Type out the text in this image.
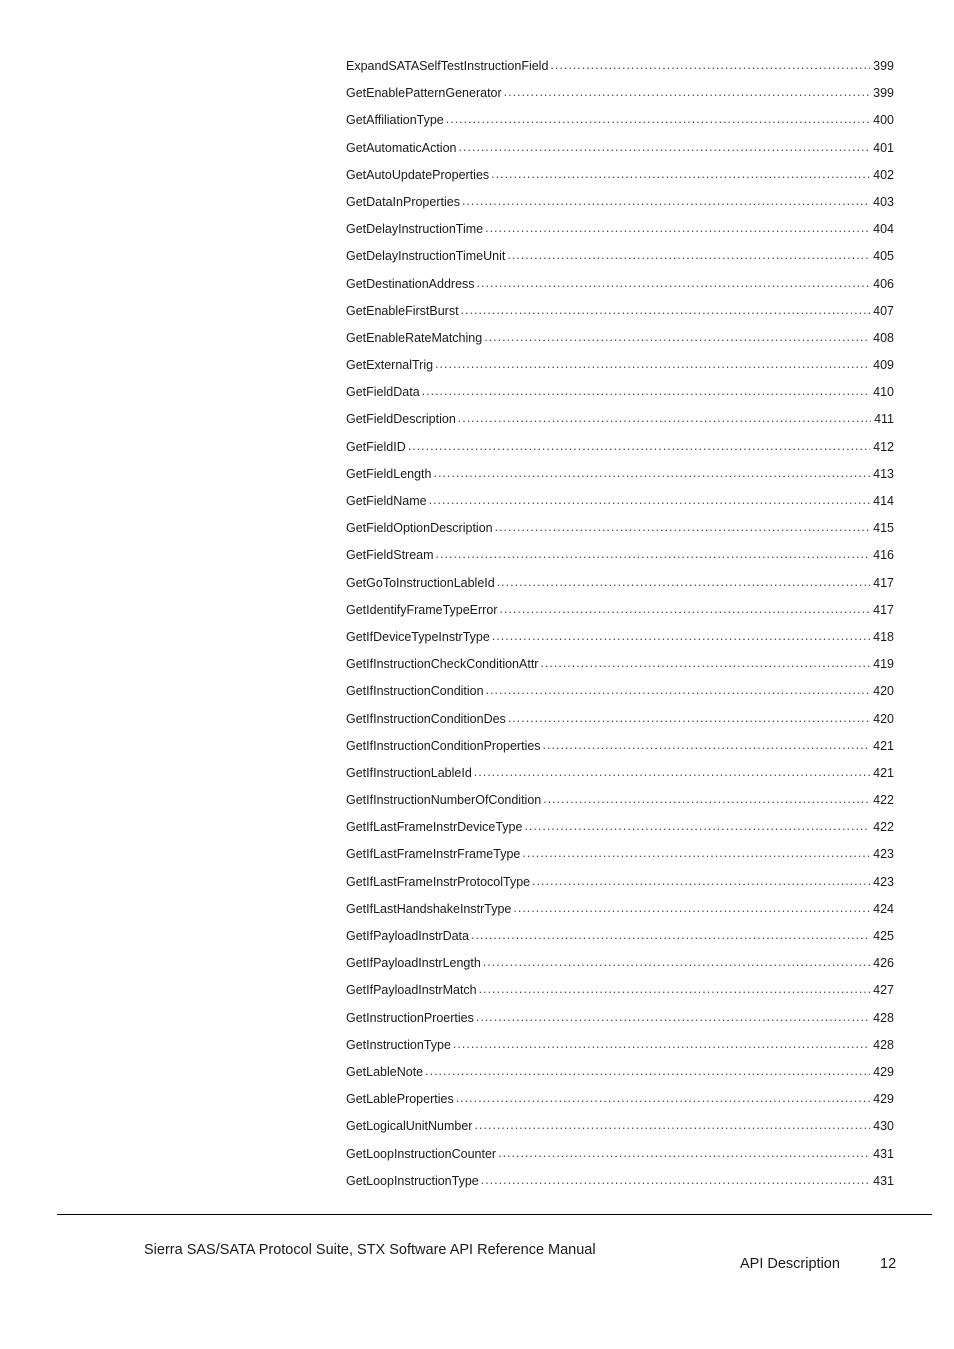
ExpandSATASelfTestInstructionField .....	399
GetEnablePatternGenerator .....	399
GetAffiliationType .....	400
GetAutomaticAction .....	401
GetAutoUpdateProperties .....	402
GetDataInProperties .....	403
GetDelayInstructionTime .....	404
GetDelayInstructionTimeUnit .....	405
GetDestinationAddress .....	406
GetEnableFirstBurst .....	407
GetEnableRateMatching .....	408
GetExternalTrig .....	409
GetFieldData .....	410
GetFieldDescription .....	411
GetFieldID .....	412
GetFieldLength .....	413
GetFieldName .....	414
GetFieldOptionDescription .....	415
GetFieldStream .....	416
GetGoToInstructionLableId .....	417
GetIdentifyFrameTypeError .....	417
GetIfDeviceTypeInstrType .....	418
GetIfInstructionCheckConditionAttr .....	419
GetIfInstructionCondition .....	420
GetIfInstructionConditionDes .....	420
GetIfInstructionConditionProperties .....	421
GetIfInstructionLableId .....	421
GetIfInstructionNumberOfCondition .....	422
GetIfLastFrameInstrDeviceType .....	422
GetIfLastFrameInstrFrameType .....	423
GetIfLastFrameInstrProtocolType .....	423
GetIfLastHandshakeInstrType .....	424
GetIfPayloadInstrData .....	425
GetIfPayloadInstrLength .....	426
GetIfPayloadInstrMatch .....	427
GetInstructionProerties .....	428
GetInstructionType .....	428
GetLableNote .....	429
GetLableProperties .....	429
GetLogicalUnitNumber .....	430
GetLoopInstructionCounter .....	431
GetLoopInstructionType .....	431
Sierra SAS/SATA Protocol Suite, STX Software API Reference Manual
API Description	12
